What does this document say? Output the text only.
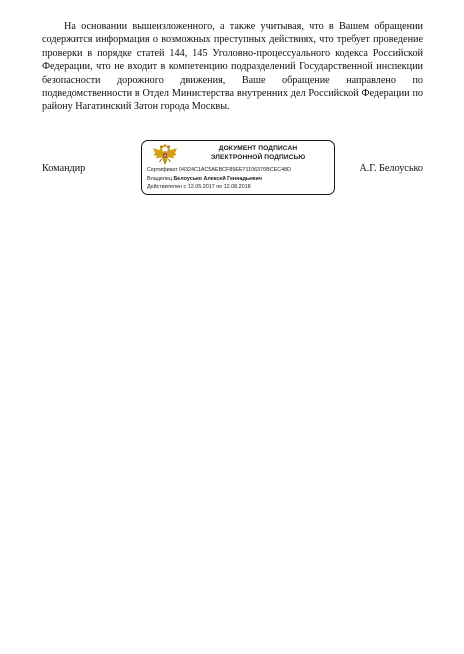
На основании вышеизложенного, а также учитывая, что в Вашем обращении содержится информация о возможных преступных действиях, что требует проведение проверки в порядке статей 144, 145 Уголовно-процессуального кодекса Российской Федерации, что не входит в компетенцию подразделений Государственной инспекции безопасности дорожного движения, Ваше обращение направлено по подведомственности в Отдел Министерства внутренних дел Российской Федерации по району Нагатинский Затон города Москвы.

Командир

ДОКУМЕНТ ПОДПИСАН
ЭЛЕКТРОННОЙ ПОДПИСЬЮ
Сертификат 04324C1AC5AEBCF89EE71106376BCEC48D
Владелец Белоусько Алексей Геннадьевич
Действителен с 12.05.2017 по 12.08.2018

А.Г. Белоусько
